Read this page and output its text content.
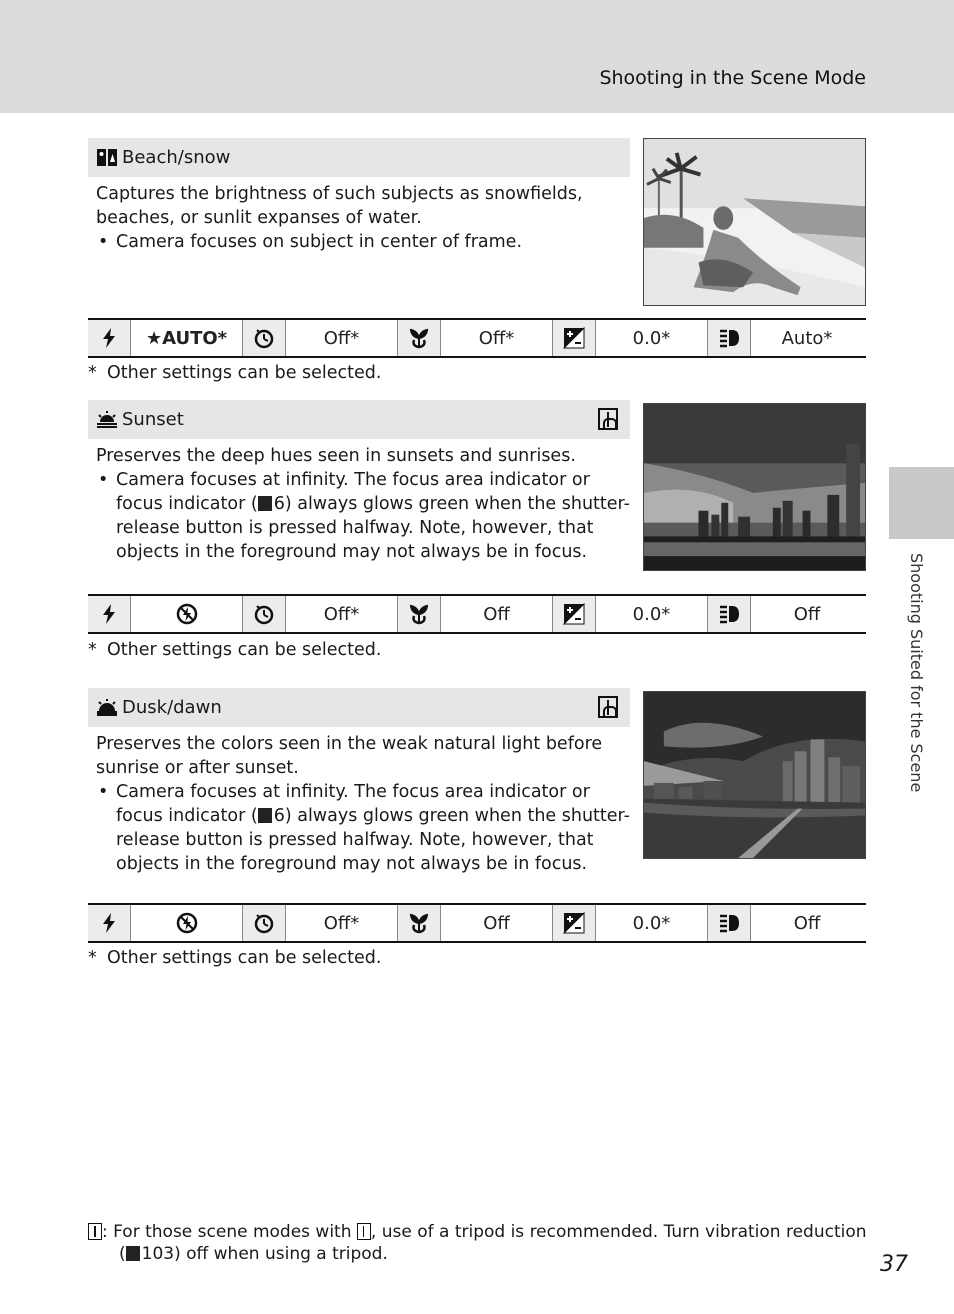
Shooting in the Scene Mode
Shooting Suited for the Scene
Beach/snow

Captures the brightness of such subjects as snowfields, beaches, or sunlit expanses of water.

• Camera focuses on subject in center of frame.
★AUTO*	Off*	Off*	0.0*	Auto*
* Other settings can be selected.
Sunset

Preserves the deep hues seen in sunsets and sunrises.

• Camera focuses at infinity. The focus area indicator or focus indicator ( 6) always glows green when the shutter-release button is pressed halfway. Note, however, that objects in the foreground may not always be in focus.
Off*	Off	0.0*	Off
* Other settings can be selected.
Dusk/dawn

Preserves the colors seen in the weak natural light before sunrise or after sunset.

• Camera focuses at infinity. The focus area indicator or focus indicator ( 6) always glows green when the shutter-release button is pressed halfway. Note, however, that objects in the foreground may not always be in focus.
Off*	Off	0.0*	Off
* Other settings can be selected.
: For those scene modes with , use of a tripod is recommended. Turn vibration reduction
( 103) off when using a tripod.	37
